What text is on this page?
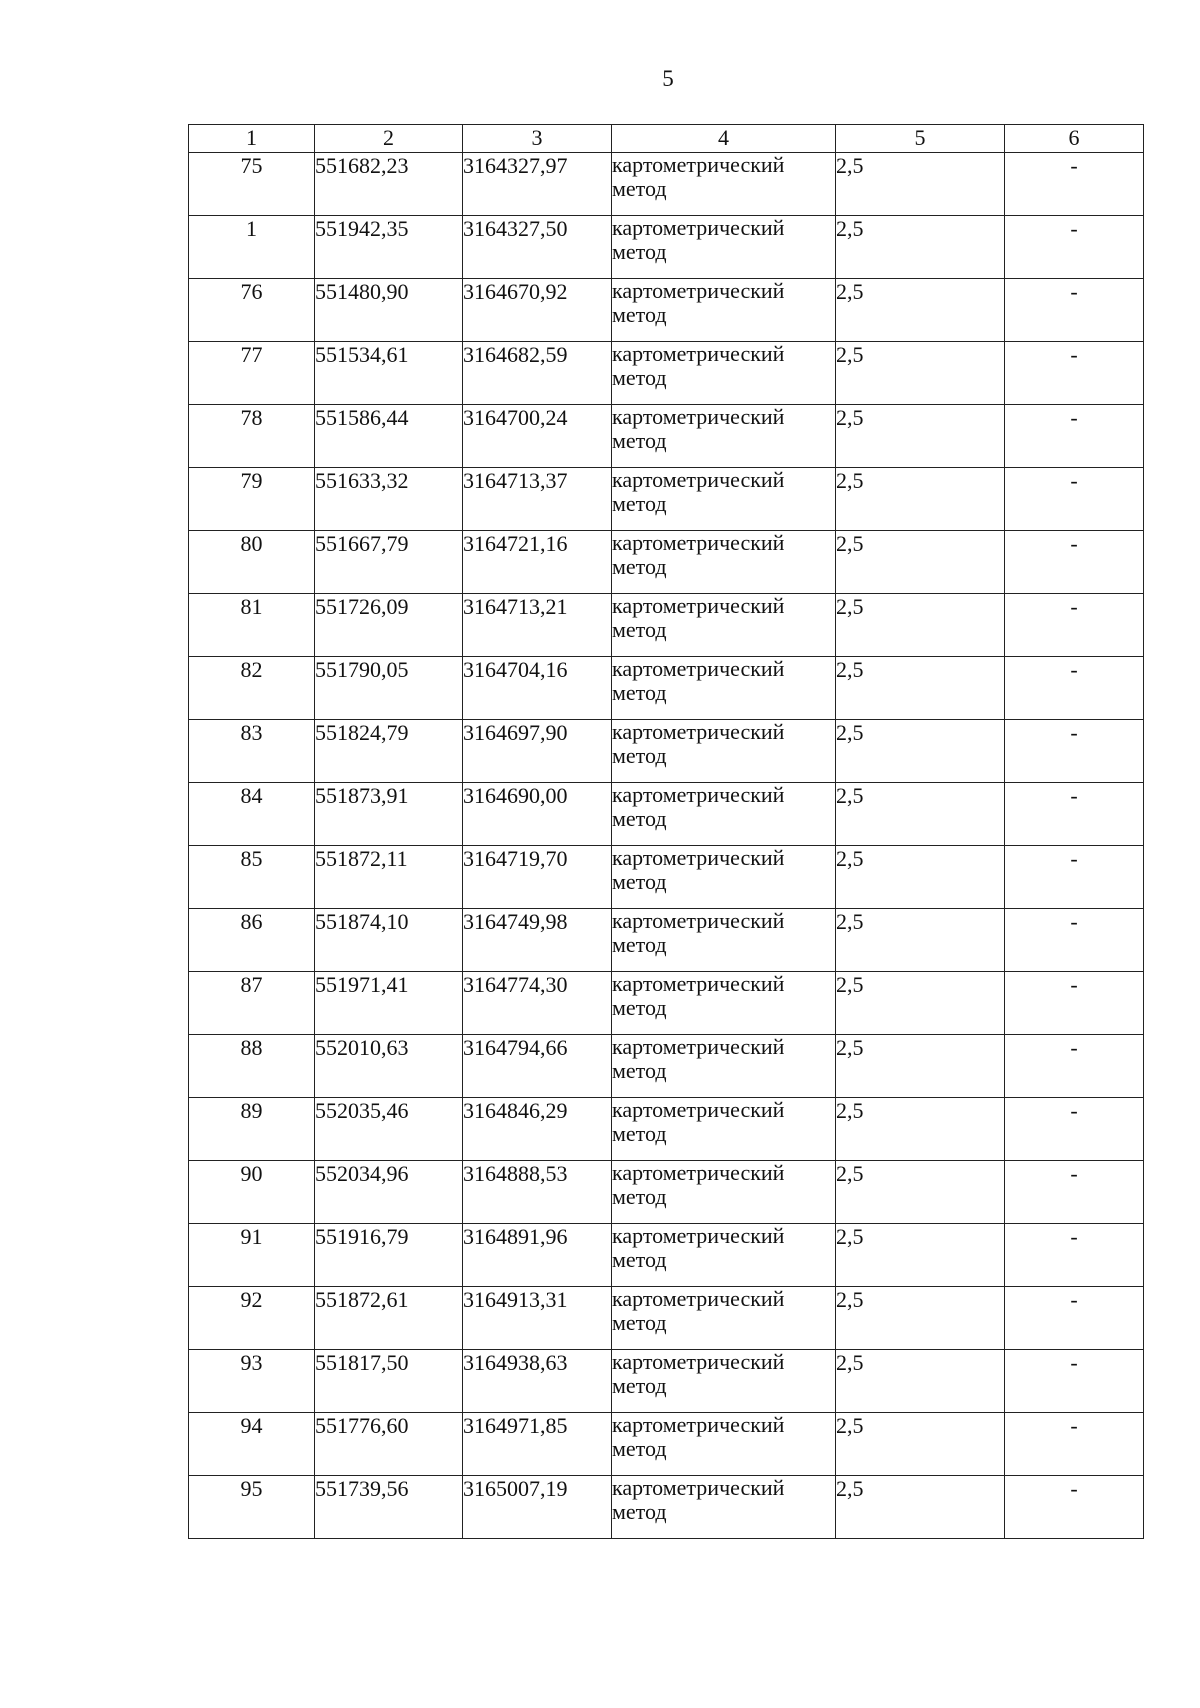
5
1	2	3	4	5	6
75	551682,23	3164327,97	картометрический метод	2,5	-
1	551942,35	3164327,50	картометрический метод	2,5	-
76	551480,90	3164670,92	картометрический метод	2,5	-
77	551534,61	3164682,59	картометрический метод	2,5	-
78	551586,44	3164700,24	картометрический метод	2,5	-
79	551633,32	3164713,37	картометрический метод	2,5	-
80	551667,79	3164721,16	картометрический метод	2,5	-
81	551726,09	3164713,21	картометрический метод	2,5	-
82	551790,05	3164704,16	картометрический метод	2,5	-
83	551824,79	3164697,90	картометрический метод	2,5	-
84	551873,91	3164690,00	картометрический метод	2,5	-
85	551872,11	3164719,70	картометрический метод	2,5	-
86	551874,10	3164749,98	картометрический метод	2,5	-
87	551971,41	3164774,30	картометрический метод	2,5	-
88	552010,63	3164794,66	картометрический метод	2,5	-
89	552035,46	3164846,29	картометрический метод	2,5	-
90	552034,96	3164888,53	картометрический метод	2,5	-
91	551916,79	3164891,96	картометрический метод	2,5	-
92	551872,61	3164913,31	картометрический метод	2,5	-
93	551817,50	3164938,63	картометрический метод	2,5	-
94	551776,60	3164971,85	картометрический метод	2,5	-
95	551739,56	3165007,19	картометрический метод	2,5	-
